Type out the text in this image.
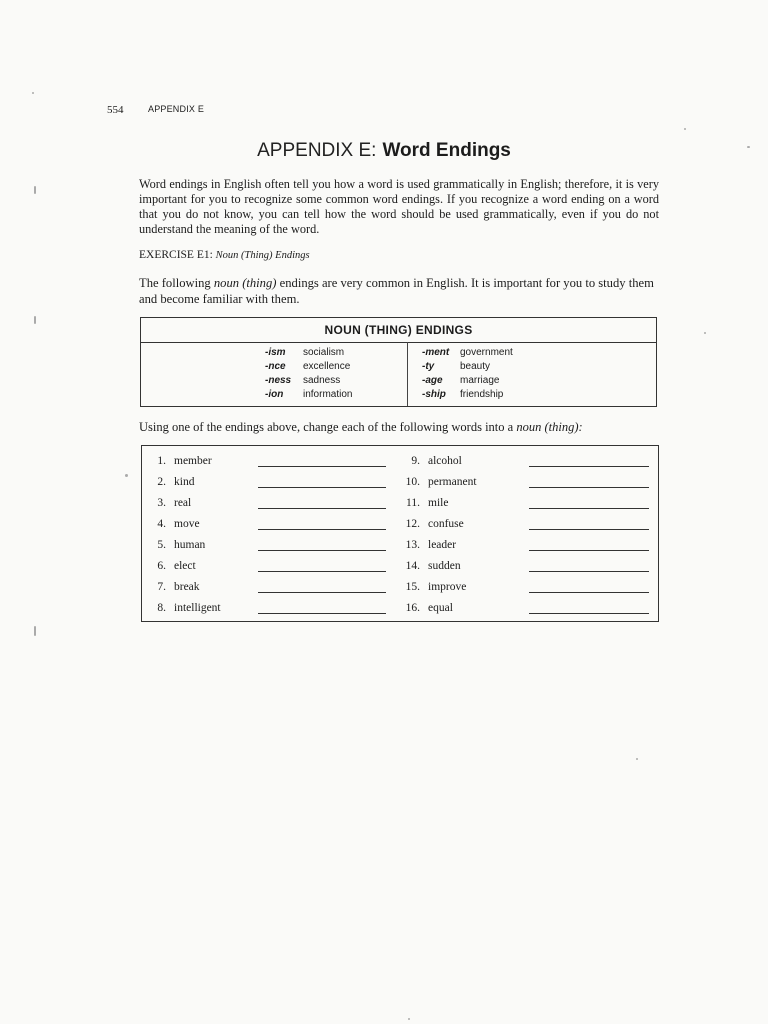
554	APPENDIX E
APPENDIX E: Word Endings
Word endings in English often tell you how a word is used grammatically in English; therefore, it is very important for you to recognize some common word endings. If you recognize a word ending on a word that you do not know, you can tell how the word should be used grammatically, even if you do not understand the meaning of the word.
EXERCISE E1: Noun (Thing) Endings
The following noun (thing) endings are very common in English. It is important for you to study them and become familiar with them.
NOUN (THING) ENDINGS
-ism	socialism
-nce	excellence
-ness	sadness
-ion	information
-ment	government
-ty	beauty
-age	marriage
-ship	friendship
Using one of the endings above, change each of the following words into a noun (thing):
1. member
2. kind
3. real
4. move
5. human
6. elect
7. break
8. intelligent
9. alcohol
10. permanent
11. mile
12. confuse
13. leader
14. sudden
15. improve
16. equal
